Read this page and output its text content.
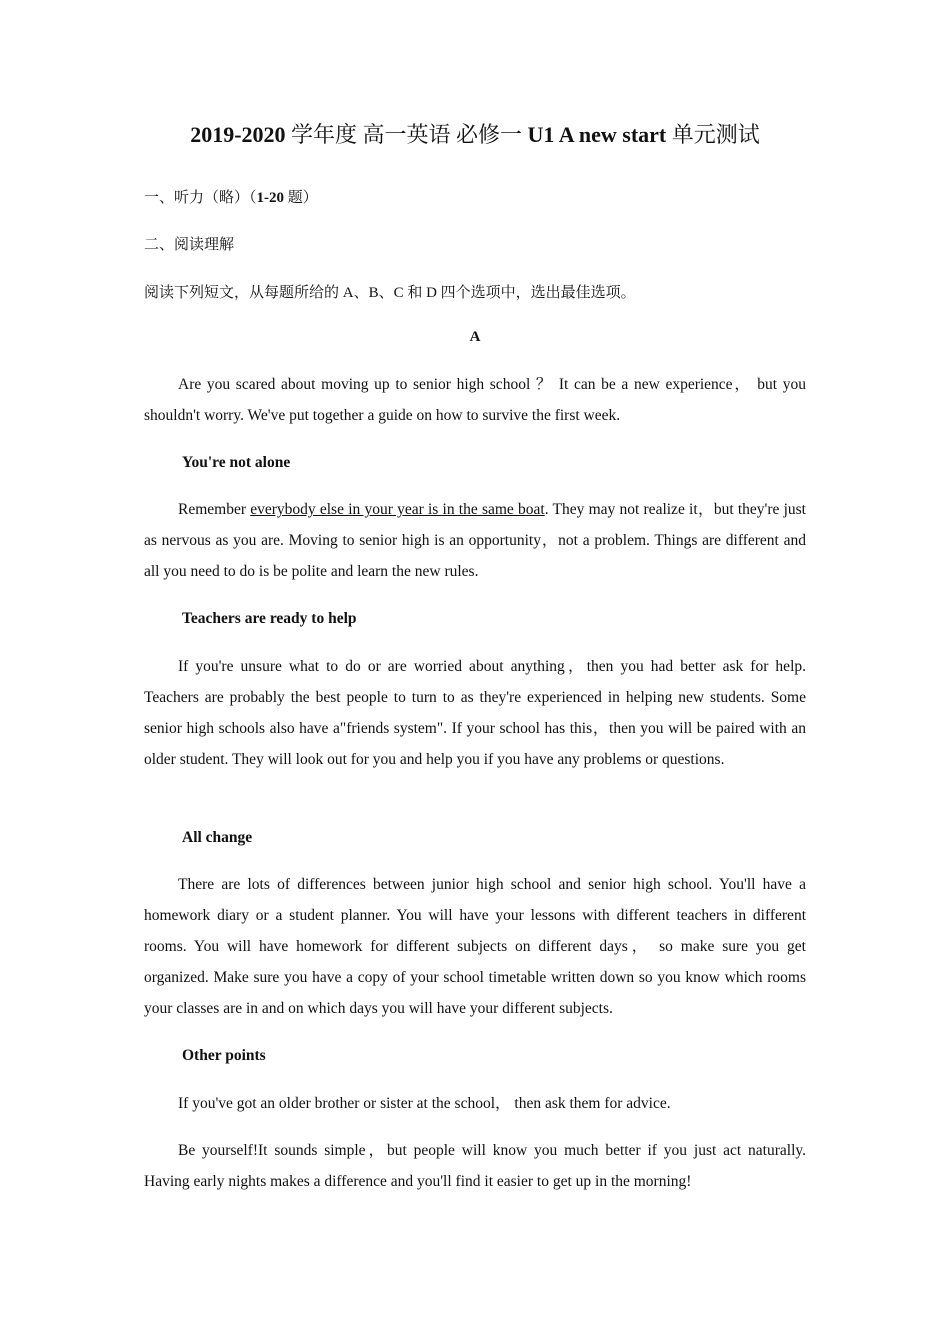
2019-2020 学年度 高一英语 必修一 U1 A new start 单元测试
一、听力（略）（1-20 题）
二、阅读理解
阅读下列短文，从每题所给的 A、B、C 和 D 四个选项中，选出最佳选项。
A
Are you scared about moving up to senior high school ？ It can be a new experience， but you shouldn't worry. We've put together a guide on how to survive the first week.
You're not alone
Remember everybody else in your year is in the same boat. They may not realize it，but they're just as nervous as you are. Moving to senior high is an opportunity，not a problem. Things are different and all you need to do is be polite and learn the new rules.
Teachers are ready to help
If you're unsure what to do or are worried about anything，then you had better ask for help. Teachers are probably the best people to turn to as they're experienced in helping new students. Some senior high schools also have a"friends system". If your school has this，then you will be paired with an older student. They will look out for you and help you if you have any problems or questions.
All change
There are lots of differences between junior high school and senior high school. You'll have a homework diary or a student planner. You will have your lessons with different teachers in different rooms. You will have homework for different subjects on different days， so make sure you get organized. Make sure you have a copy of your school timetable written down so you know which rooms your classes are in and on which days you will have your different subjects.
Other points
If you've got an older brother or sister at the school， then ask them for advice.
Be yourself!It sounds simple，but people will know you much better if you just act naturally. Having early nights makes a difference and you'll find it easier to get up in the morning!
